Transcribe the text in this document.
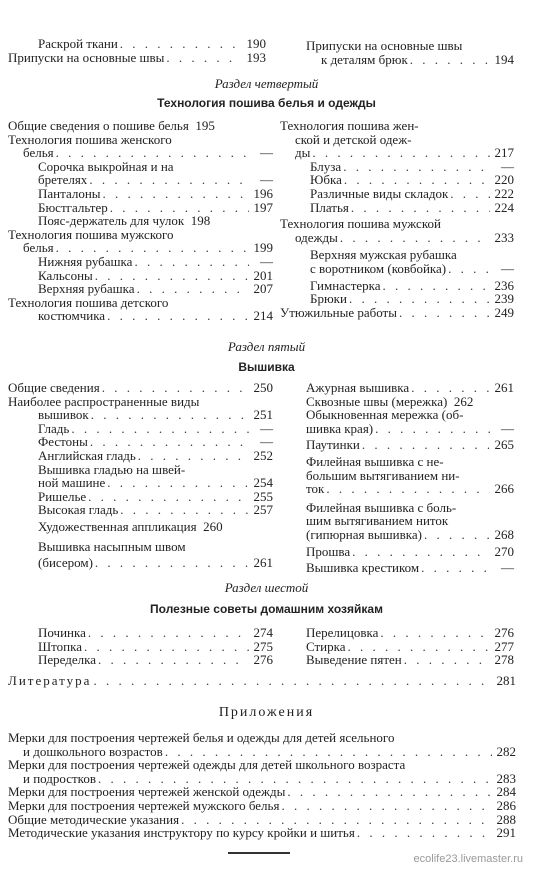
Раскрой ткани . . .	190
Припуски на основные швы . . .	193
Припуски на основные швы
к деталям брюк . . .	194
Раздел четвертый
Технология пошива белья и одежды
Общие сведения о пошиве белья 195
Технология пошива женского
белья . . .	—
Сорочка выкройная и на
бретелях . . .	—
Панталоны . . .	196
Бюстгальтер . . .	197
Пояс-держатель для чулок 198
Технология пошива мужского
белья . . .	199
Нижняя рубашка . . .	—
Кальсоны . . .	201
Верхняя рубашка . . .	207
Технология пошива детского
костюмчика . . .	214
Технология пошива жен-
ской и детской одеж-
ды . . .	217
Блуза . . .	—
Юбка . . .	220
Различные виды складок . . .	222
Платья . . .	224
Технология пошива мужской
одежды . . .	233
Верхняя мужская рубашка
с воротником (ковбойка) . . .	—
Гимнастерка . . .	236
Брюки . . .	239
Утюжильные работы . . .	249
Раздел пятый
Вышивка
Общие сведения . . .	250
Наиболее распространенные виды
вышивок . . .	251
Гладь . . .	—
Фестоны . . .	—
Английская гладь . . .	252
Вышивка гладью на швей-
ной машине . . .	254
Ришелье . . .	255
Высокая гладь . . .	257
Художественная аппликация 260
Вышивка насыпным швом
(бисером) . . .	261
Ажурная вышивка . . .	261
Сквозные швы (мережка) 262
Обыкновенная мережка (об-
шивка края) . . .	—
Паутинки . . .	265
Филейная вышивка с не-
большим вытягиванием ни-
ток . . .	266
Филейная вышивка с боль-
шим вытягиванием ниток
(гипюрная вышивка) . . .	268
Прошва . . .	270
Вышивка крестиком . . .	—
Раздел шестой
Полезные советы домашним хозяйкам
Починка . . .	274
Штопка . . .	275
Переделка . . .	276
Перелицовка . . .	276
Стирка . . .	277
Выведение пятен . . .	278
Литература . . .	281
Приложения
Мерки для построения чертежей белья и одежды для детей ясельного
и дошкольного возрастов . . .	282
Мерки для построения чертежей одежды для детей школьного возраста
и подростков . . .	283
Мерки для построения чертежей женской одежды . . .	284
Мерки для построения чертежей мужского белья . . .	286
Общие методические указания . . .	288
Методические указания инструктору по курсу кройки и шитья . . .	291
ecolife23.livemaster.ru
